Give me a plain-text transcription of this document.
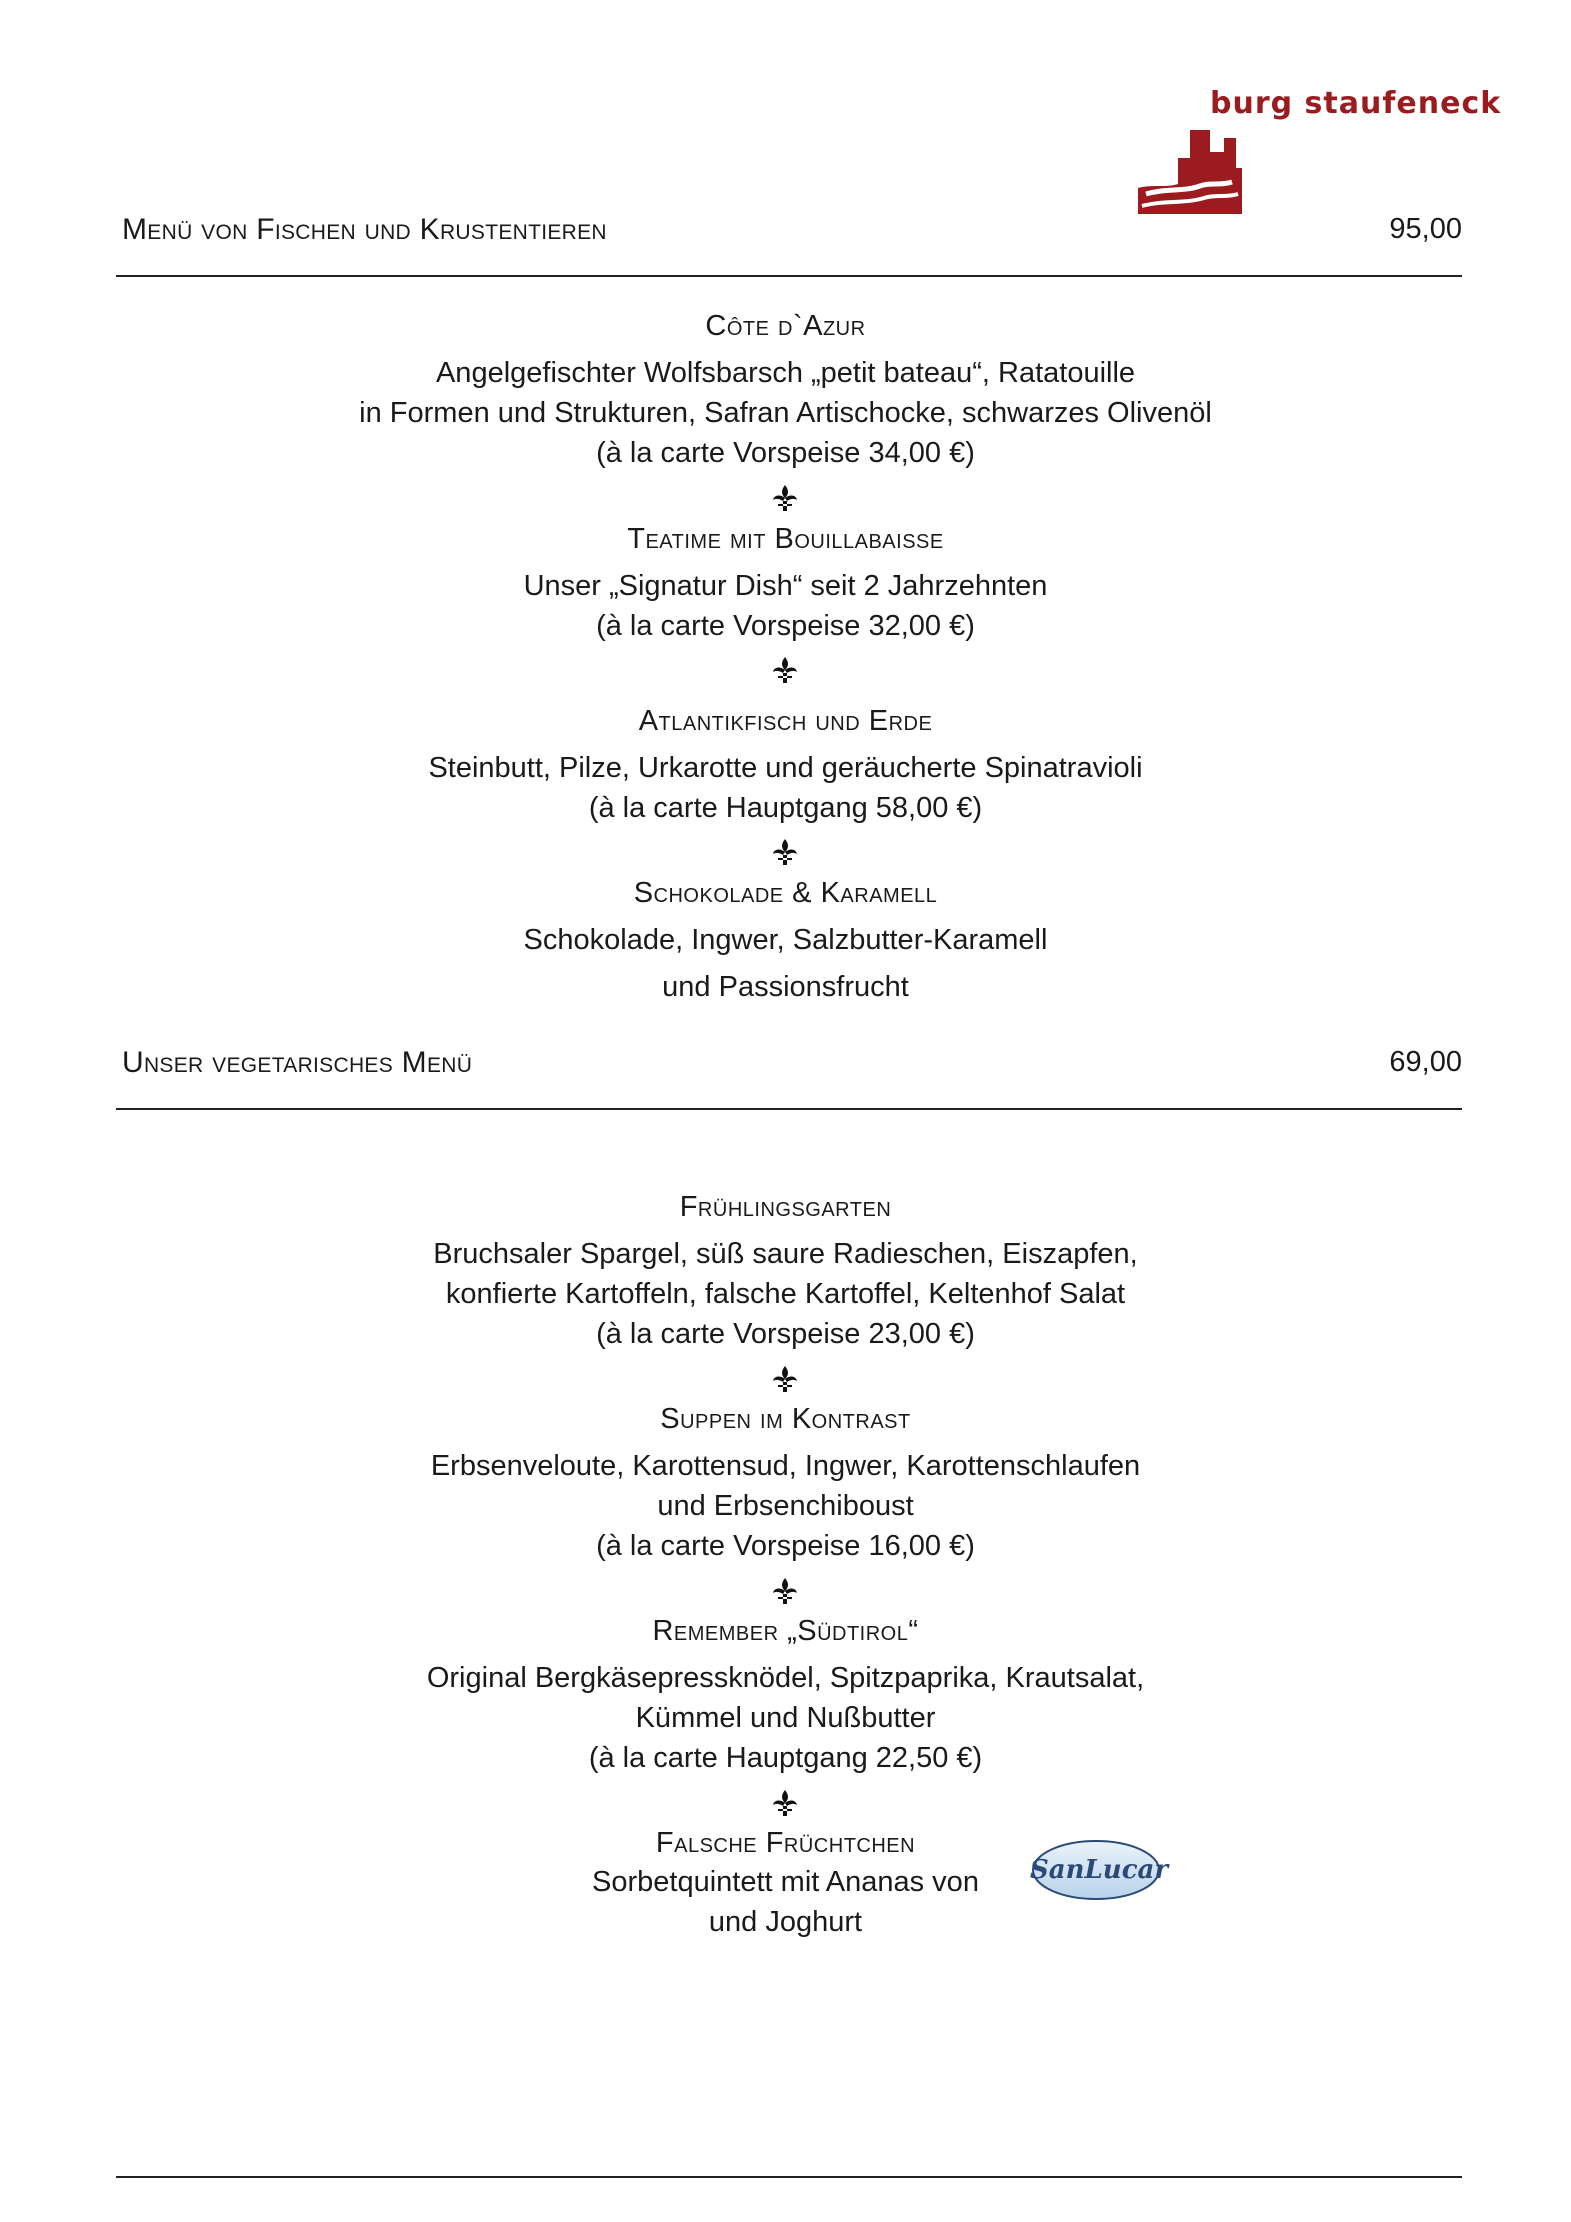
burg staufeneck
Menü von Fischen und Krustentieren	95,00
Côte d`Azur
Angelgefischter Wolfsbarsch „petit bateau“, Ratatouille
in Formen und Strukturen, Safran Artischocke, schwarzes Olivenöl
(à la carte Vorspeise 34,00 €)
Teatime mit Bouillabaisse
Unser „Signatur Dish“ seit 2 Jahrzehnten
(à la carte Vorspeise 32,00 €)
Atlantikfisch und Erde
Steinbutt, Pilze, Urkarotte und geräucherte Spinatravioli
(à la carte Hauptgang 58,00 €)
Schokolade & Karamell
Schokolade, Ingwer, Salzbutter-Karamell
und Passionsfrucht
Unser vegetarisches Menü	69,00
Frühlingsgarten
Bruchsaler Spargel, süß saure Radieschen, Eiszapfen,
konfierte Kartoffeln, falsche Kartoffel, Keltenhof Salat
(à la carte Vorspeise 23,00 €)
Suppen im Kontrast
Erbsenveloute, Karottensud, Ingwer, Karottenschlaufen
und Erbsenchiboust
(à la carte Vorspeise 16,00 €)
Remember „Südtirol“
Original Bergkäsepressknödel, Spitzpaprika, Krautsalat,
Kümmel und Nußbutter
(à la carte Hauptgang 22,50 €)
Falsche Früchtchen
Sorbetquintett mit Ananas von
und Joghurt
SanLucar
